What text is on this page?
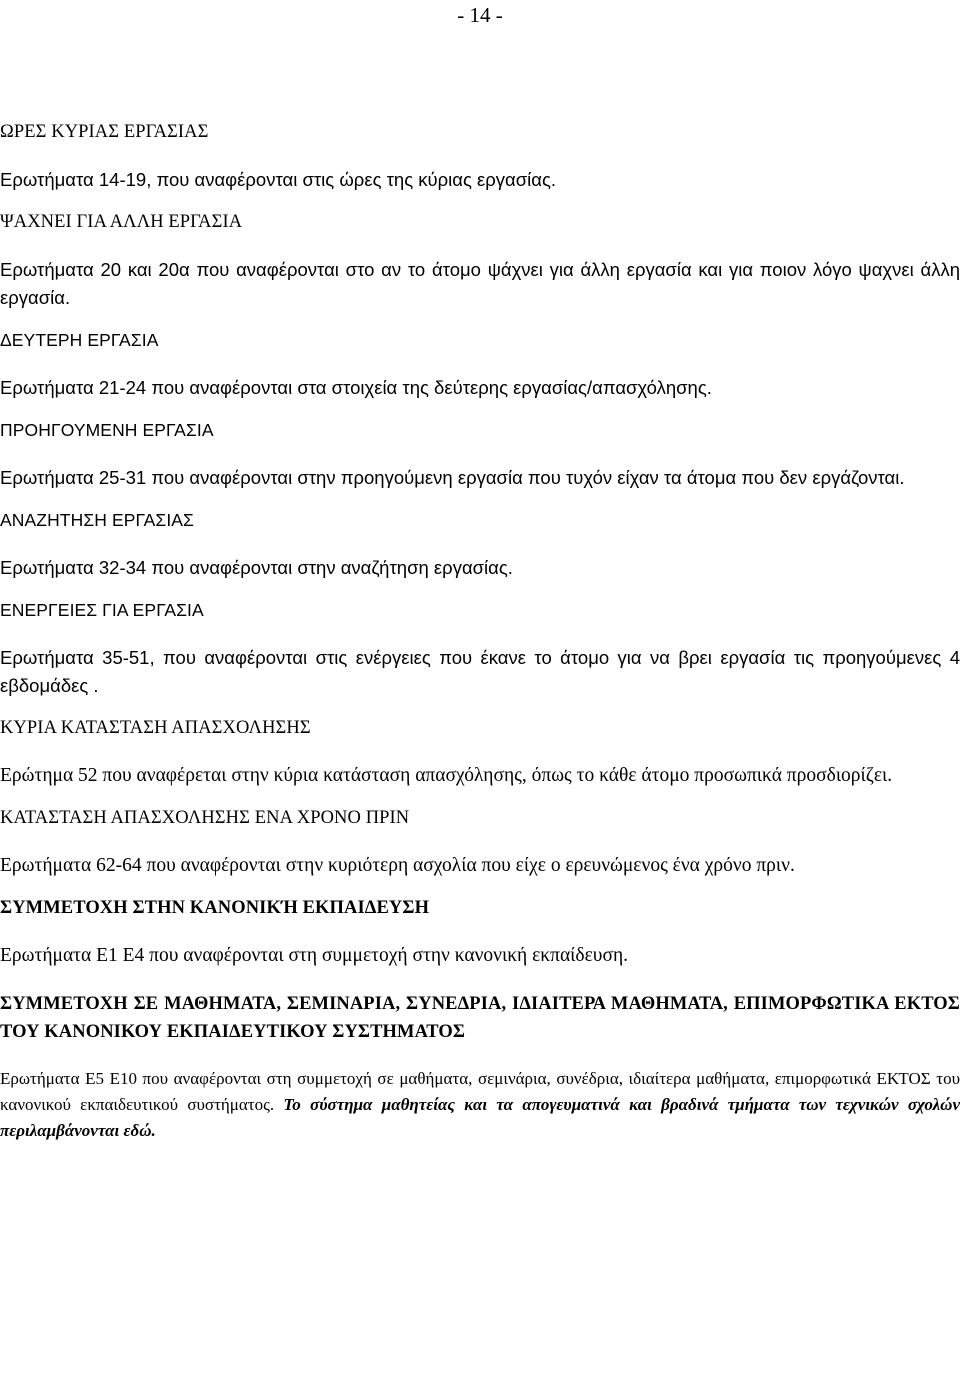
- 14 -
ΩΡΕΣ ΚΥΡΙΑΣ ΕΡΓΑΣΙΑΣ

Ερωτήματα 14-19, που αναφέρονται στις ώρες της κύριας εργασίας.

ΨΑΧΝΕΙ ΓΙΑ ΑΛΛΗ ΕΡΓΑΣΙΑ

Ερωτήματα 20 και 20α που αναφέρονται στο αν το άτομο ψάχνει για άλλη εργασία και για ποιον λόγο ψαχνει άλλη εργασία.

ΔΕΥΤΕΡΗ ΕΡΓΑΣΙΑ

Ερωτήματα 21-24 που αναφέρονται στα στοιχεία της δεύτερης εργασίας/απασχόλησης.

ΠΡΟΗΓΟΥΜΕΝΗ ΕΡΓΑΣΙΑ

Ερωτήματα 25-31 που αναφέρονται στην προηγούμενη εργασία που τυχόν είχαν τα άτομα που δεν εργάζονται.

ΑΝΑΖΗΤΗΣΗ ΕΡΓΑΣΙΑΣ

Ερωτήματα 32-34 που αναφέρονται στην αναζήτηση εργασίας.

ΕΝΕΡΓΕΙΕΣ ΓΙΑ ΕΡΓΑΣΙΑ

Ερωτήματα 35-51, που αναφέρονται στις ενέργειες που έκανε το άτομο για να βρει εργασία τις προηγούμενες 4 εβδομάδες .

ΚΥΡΙΑ ΚΑΤΑΣΤΑΣΗ ΑΠΑΣΧΟΛΗΣΗΣ

Ερώτημα 52 που αναφέρεται στην κύρια κατάσταση απασχόλησης, όπως το κάθε άτομο προσωπικά προσδιορίζει.

ΚΑΤΑΣΤΑΣΗ ΑΠΑΣΧΟΛΗΣΗΣ ΕΝΑ ΧΡΟΝΟ ΠΡΙΝ

Ερωτήματα 62-64 που αναφέρονται στην κυριότερη ασχολία που είχε ο ερευνώμενος ένα χρόνο πριν.

ΣΥΜΜΕΤΟΧΗ ΣΤΗΝ ΚΑΝΟΝΙΚΉ ΕΚΠΑΙΔΕΥΣΗ

Ερωτήματα Ε1 Ε4 που αναφέρονται στη συμμετοχή στην κανονική εκπαίδευση.

ΣΥΜΜΕΤΟΧΗ ΣΕ ΜΑΘΗΜΑΤΑ, ΣΕΜΙΝΑΡΙΑ, ΣΥΝΕΔΡΙΑ, ΙΔΙΑΙΤΕΡΑ ΜΑΘΗΜΑΤΑ, ΕΠΙΜΟΡΦΩΤΙΚΑ ΕΚΤΟΣ ΤΟΥ ΚΑΝΟΝΙΚΟΥ ΕΚΠΑΙΔΕΥΤΙΚΟΥ ΣΥΣΤΗΜΑΤΟΣ

Ερωτήματα Ε5 Ε10 που αναφέρονται στη συμμετοχή σε μαθήματα, σεμινάρια, συνέδρια, ιδιαίτερα μαθήματα, επιμορφωτικά ΕΚΤΟΣ του κανονικού εκπαιδευτικού συστήματος. Το σύστημα μαθητείας και τα απογευματινά και βραδινά τμήματα των τεχνικών σχολών περιλαμβάνονται εδώ.
